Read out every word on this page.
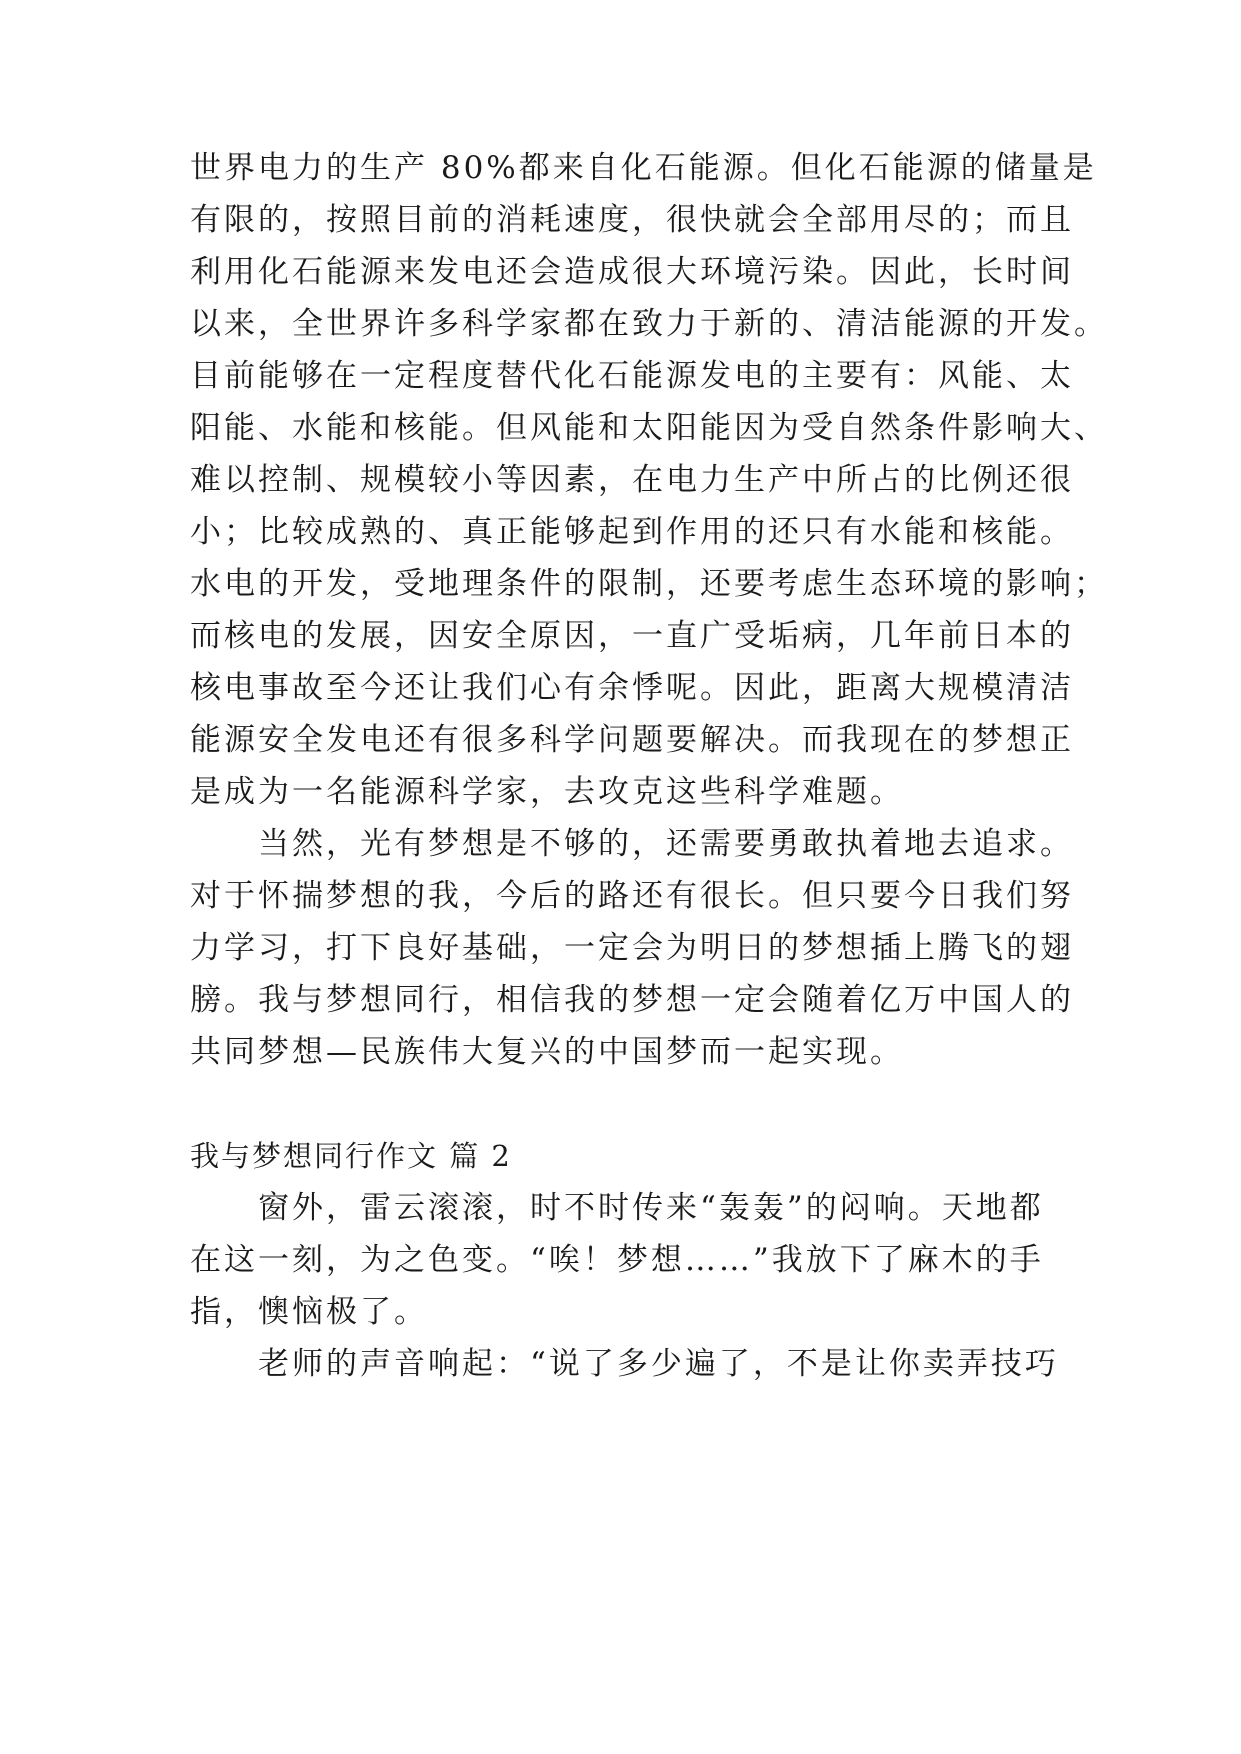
世界电力的生产 80%都来自化石能源。但化石能源的储量是
有限的，按照目前的消耗速度，很快就会全部用尽的；而且
利用化石能源来发电还会造成很大环境污染。因此，长时间
以来，全世界许多科学家都在致力于新的、清洁能源的开发。
目前能够在一定程度替代化石能源发电的主要有：风能、太
阳能、水能和核能。但风能和太阳能因为受自然条件影响大、
难以控制、规模较小等因素，在电力生产中所占的比例还很
小；比较成熟的、真正能够起到作用的还只有水能和核能。
水电的开发，受地理条件的限制，还要考虑生态环境的影响；
而核电的发展，因安全原因，一直广受垢病，几年前日本的
核电事故至今还让我们心有余悸呢。因此，距离大规模清洁
能源安全发电还有很多科学问题要解决。而我现在的梦想正
是成为一名能源科学家，去攻克这些科学难题。
　　当然，光有梦想是不够的，还需要勇敢执着地去追求。
对于怀揣梦想的我，今后的路还有很长。但只要今日我们努
力学习，打下良好基础，一定会为明日的梦想插上腾飞的翅
膀。我与梦想同行，相信我的梦想一定会随着亿万中国人的
共同梦想—民族伟大复兴的中国梦而一起实现。
我与梦想同行作文 篇 2
　　窗外，雷云滚滚，时不时传来“轰轰”的闷响。天地都
在这一刻，为之色变。“唉！梦想……”我放下了麻木的手
指，懊恼极了。
　　老师的声音响起：“说了多少遍了，不是让你卖弄技巧
